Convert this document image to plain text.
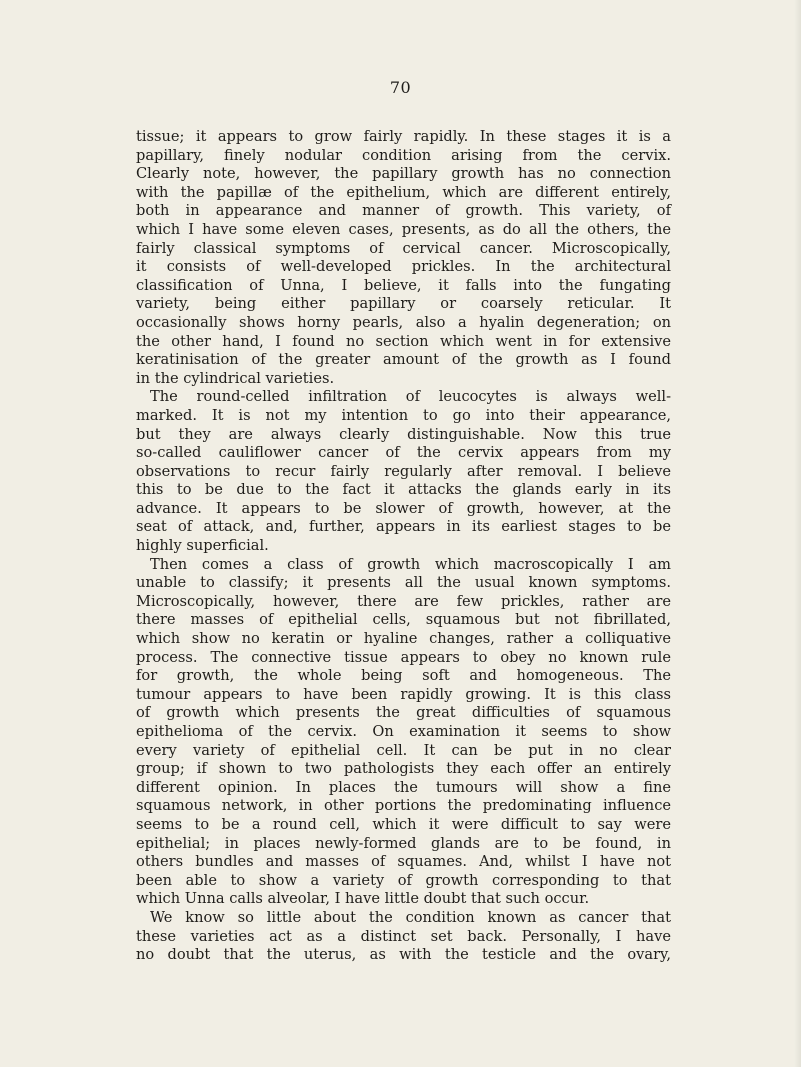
70
tissue; it appears to grow fairly rapidly. In these stages it is a
papillary, finely nodular condition arising from the cervix.
Clearly note, however, the papillary growth has no connection
with the papillæ of the epithelium, which are different entirely,
both in appearance and manner of growth. This variety, of
which I have some eleven cases, presents, as do all the others, the
fairly classical symptoms of cervical cancer. Microscopically,
it consists of well-developed prickles. In the architectural
classification of Unna, I believe, it falls into the fungating
variety, being either papillary or coarsely reticular. It
occasionally shows horny pearls, also a hyalin degeneration; on
the other hand, I found no section which went in for extensive
keratinisation of the greater amount of the growth as I found
in the cylindrical varieties.
The round-celled infiltration of leucocytes is always well-
marked. It is not my intention to go into their appearance,
but they are always clearly distinguishable. Now this true
so-called cauliflower cancer of the cervix appears from my
observations to recur fairly regularly after removal. I believe
this to be due to the fact it attacks the glands early in its
advance. It appears to be slower of growth, however, at the
seat of attack, and, further, appears in its earliest stages to be
highly superficial.
Then comes a class of growth which macroscopically I am
unable to classify; it presents all the usual known symptoms.
Microscopically, however, there are few prickles, rather are
there masses of epithelial cells, squamous but not fibrillated,
which show no keratin or hyaline changes, rather a colliquative
process. The connective tissue appears to obey no known rule
for growth, the whole being soft and homogeneous. The
tumour appears to have been rapidly growing. It is this class
of growth which presents the great difficulties of squamous
epithelioma of the cervix. On examination it seems to show
every variety of epithelial cell. It can be put in no clear
group; if shown to two pathologists they each offer an entirely
different opinion. In places the tumours will show a fine
squamous network, in other portions the predominating influence
seems to be a round cell, which it were difficult to say were
epithelial; in places newly-formed glands are to be found, in
others bundles and masses of squames. And, whilst I have not
been able to show a variety of growth corresponding to that
which Unna calls alveolar, I have little doubt that such occur.
We know so little about the condition known as cancer that
these varieties act as a distinct set back. Personally, I have
no doubt that the uterus, as with the testicle and the ovary,
